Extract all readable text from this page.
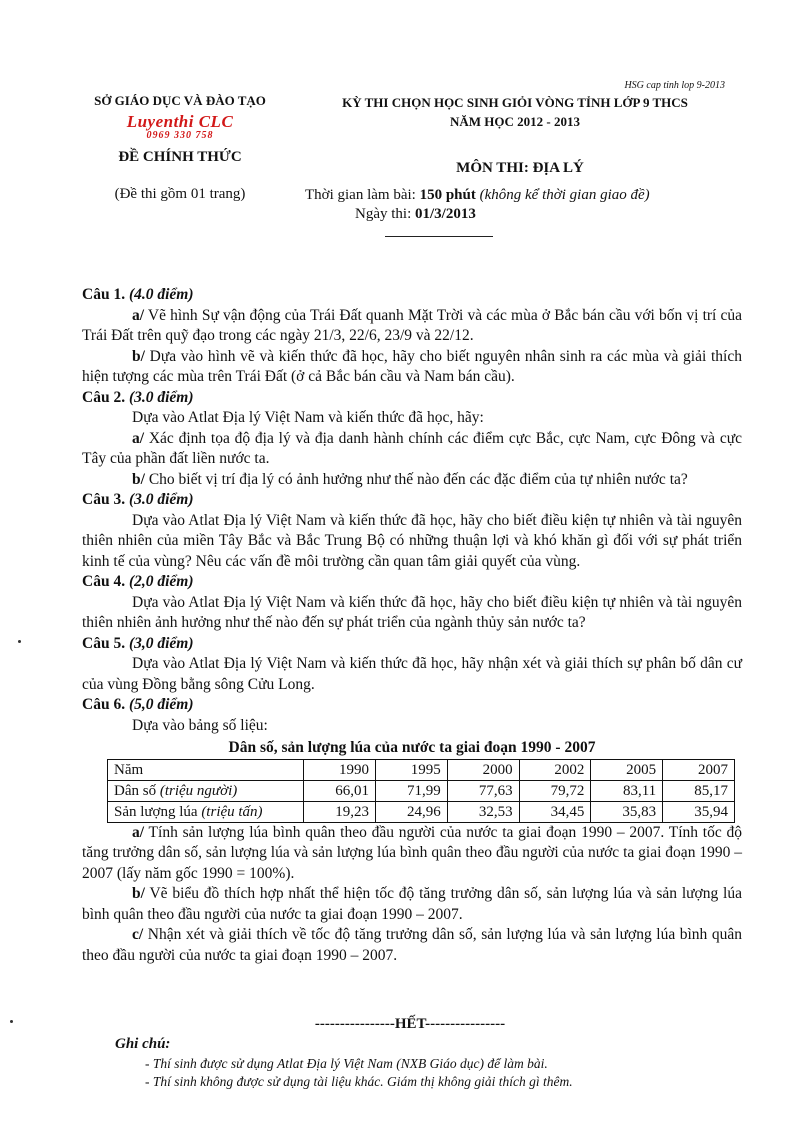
HSG cap tinh lop 9-2013
SỞ GIÁO DỤC VÀ ĐÀO TẠO
Luyenthi CLC
0969 330 758
ĐỀ CHÍNH THỨC
(Đề thi gồm 01 trang)
KỲ THI CHỌN HỌC SINH GIỎI VÒNG TỈNH LỚP 9 THCS
NĂM HỌC 2012 - 2013
MÔN THI: ĐỊA LÝ
Thời gian làm bài: 150 phút (không kể thời gian giao đề)
Ngày thi: 01/3/2013
Câu 1. (4.0 điểm)
a/ Vẽ hình Sự vận động của Trái Đất quanh Mặt Trời và các mùa ở Bắc bán cầu với bốn vị trí của Trái Đất trên quỹ đạo trong các ngày 21/3, 22/6, 23/9 và 22/12.
b/ Dựa vào hình vẽ và kiến thức đã học, hãy cho biết nguyên nhân sinh ra các mùa và giải thích hiện tượng các mùa trên Trái Đất (ở cả Bắc bán cầu và Nam bán cầu).
Câu 2. (3.0 điểm)
Dựa vào Atlat Địa lý Việt Nam và kiến thức đã học, hãy:
a/ Xác định tọa độ địa lý và địa danh hành chính các điểm cực Bắc, cực Nam, cực Đông và cực Tây của phần đất liền nước ta.
b/ Cho biết vị trí địa lý có ảnh hưởng như thế nào đến các đặc điểm của tự nhiên nước ta?
Câu 3. (3.0 điểm)
Dựa vào Atlat Địa lý Việt Nam và kiến thức đã học, hãy cho biết điều kiện tự nhiên và tài nguyên thiên nhiên của miền Tây Bắc và Bắc Trung Bộ có những thuận lợi và khó khăn gì đối với sự phát triển kinh tế của vùng? Nêu các vấn đề môi trường cần quan tâm giải quyết của vùng.
Câu 4. (2,0 điểm)
Dựa vào Atlat Địa lý Việt Nam và kiến thức đã học, hãy cho biết điều kiện tự nhiên và tài nguyên thiên nhiên ảnh hưởng như thế nào đến sự phát triển của ngành thủy sản nước ta?
Câu 5. (3,0 điểm)
Dựa vào Atlat Địa lý Việt Nam và kiến thức đã học, hãy nhận xét và giải thích sự phân bố dân cư của vùng Đồng bằng sông Cửu Long.
Câu 6. (5,0 điểm)
Dựa vào bảng số liệu:
Dân số, sản lượng lúa của nước ta giai đoạn 1990 - 2007
Năm	1990	1995	2000	2002	2005	2007
Dân số (triệu người)	66,01	71,99	77,63	79,72	83,11	85,17
Sản lượng lúa (triệu tấn)	19,23	24,96	32,53	34,45	35,83	35,94
a/ Tính sản lượng lúa bình quân theo đầu người của nước ta giai đoạn 1990 – 2007. Tính tốc độ tăng trưởng dân số, sản lượng lúa và sản lượng lúa bình quân theo đầu người của nước ta giai đoạn 1990 – 2007 (lấy năm gốc 1990 = 100%).
b/ Vẽ biểu đồ thích hợp nhất thể hiện tốc độ tăng trưởng dân số, sản lượng lúa và sản lượng lúa bình quân theo đầu người của nước ta giai đoạn 1990 – 2007.
c/ Nhận xét và giải thích về tốc độ tăng trưởng dân số, sản lượng lúa và sản lượng lúa bình quân theo đầu người của nước ta giai đoạn 1990 – 2007.
----------------HẾT----------------
Ghi chú:
- Thí sinh được sử dụng Atlat Địa lý Việt Nam (NXB Giáo dục) để làm bài.
- Thí sinh không được sử dụng tài liệu khác. Giám thị không giải thích gì thêm.
